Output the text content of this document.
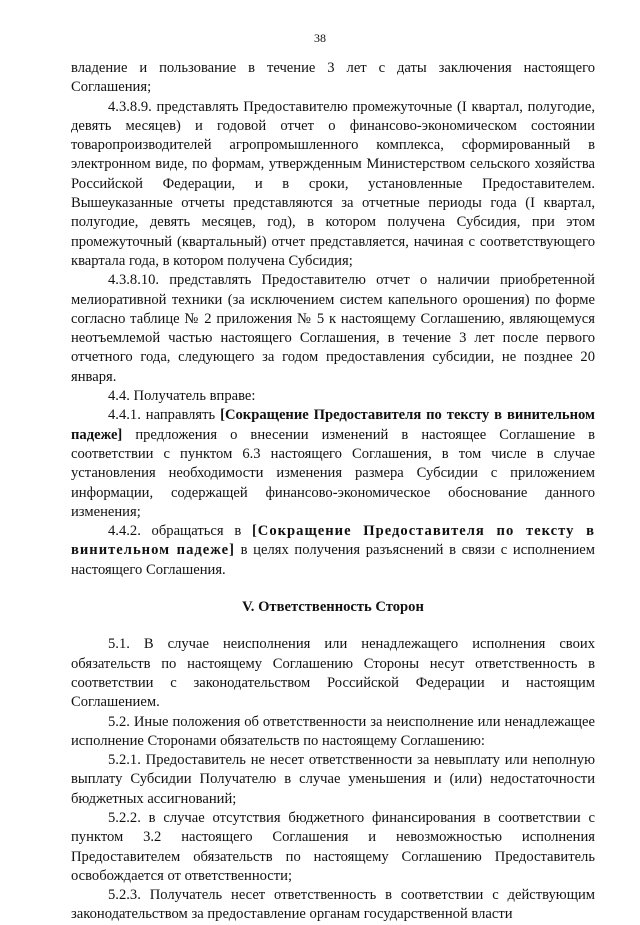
38

владение и пользование в течение 3 лет с даты заключения настоящего Соглашения;

4.3.8.9. представлять Предоставителю промежуточные (I квартал, полугодие, девять месяцев) и годовой отчет о финансово-экономическом состоянии товаропроизводителей агропромышленного комплекса, сформированный в электронном виде, по формам, утвержденным Министерством сельского хозяйства Российской Федерации, и в сроки, установленные Предоставителем. Вышеуказанные отчеты представляются за отчетные периоды года (I квартал, полугодие, девять месяцев, год), в котором получена Субсидия, при этом промежуточный (квартальный) отчет представляется, начиная с соответствующего квартала года, в котором получена Субсидия;

4.3.8.10. представлять Предоставителю отчет о наличии приобретенной мелиоративной техники (за исключением систем капельного орошения) по форме согласно таблице № 2 приложения № 5 к настоящему Соглашению, являющемуся неотъемлемой частью настоящего Соглашения, в течение 3 лет после первого отчетного года, следующего за годом предоставления субсидии, не позднее 20 января.

4.4. Получатель вправе:

4.4.1. направлять [Сокращение Предоставителя по тексту в винительном падеже] предложения о внесении изменений в настоящее Соглашение в соответствии с пунктом 6.3 настоящего Соглашения, в том числе в случае установления необходимости изменения размера Субсидии с приложением информации, содержащей финансово-экономическое обоснование данного изменения;

4.4.2. обращаться в [Сокращение Предоставителя по тексту в винительном падеже] в целях получения разъяснений в связи с исполнением настоящего Соглашения.

V. Ответственность Сторон

5.1. В случае неисполнения или ненадлежащего исполнения своих обязательств по настоящему Соглашению Стороны несут ответственность в соответствии с законодательством Российской Федерации и настоящим Соглашением.

5.2. Иные положения об ответственности за неисполнение или ненадлежащее исполнение Сторонами обязательств по настоящему Соглашению:

5.2.1. Предоставитель не несет ответственности за невыплату или неполную выплату Субсидии Получателю в случае уменьшения и (или) недостаточности бюджетных ассигнований;

5.2.2. в случае отсутствия бюджетного финансирования в соответствии с пунктом 3.2 настоящего Соглашения и невозможностью исполнения Предоставителем обязательств по настоящему Соглашению Предоставитель освобождается от ответственности;

5.2.3. Получатель несет ответственность в соответствии с действующим законодательством за предоставление органам государственной власти
